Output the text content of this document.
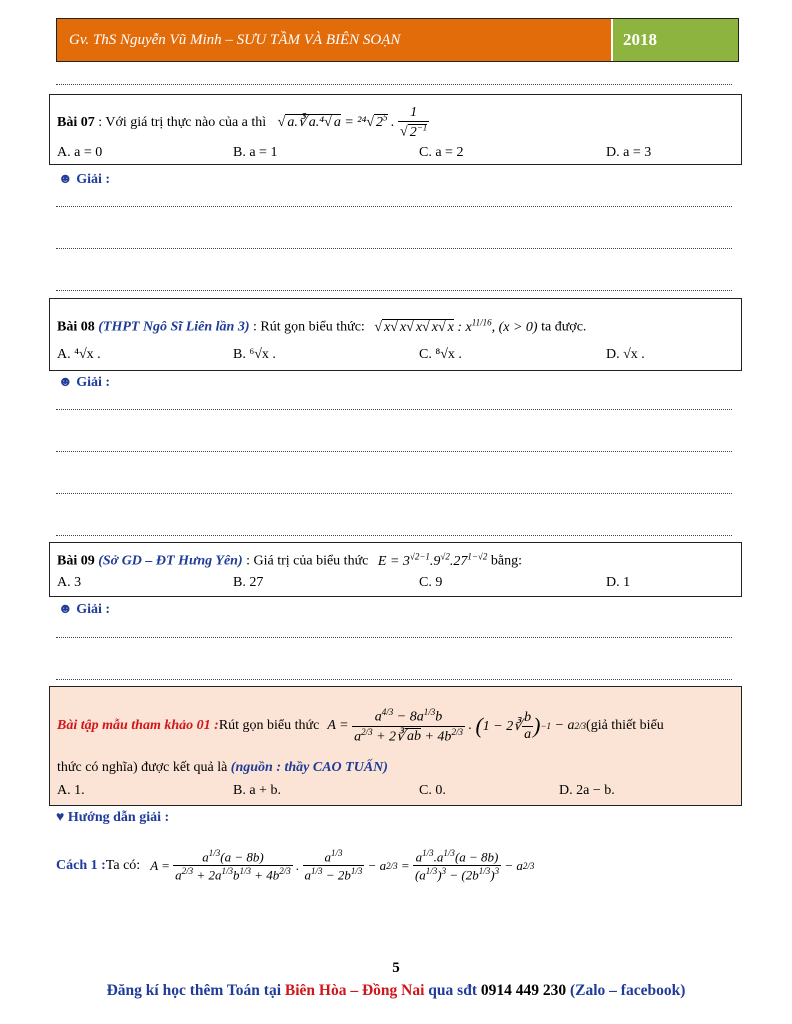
Gv. ThS Nguyễn Vũ Minh – SƯU TẦM VÀ BIÊN SOẠN	2018
Bài 07 : Với giá trị thực nào của a thì √ a.∛ a.⁴√ a = ²⁴√ $2^5$ . $\frac{1}{√ 2^{-1}}$
A. a = 0	B. a = 1	C. a = 2	D. a = 3
☻ Giải :
Bài 08 (THPT Ngô Sĩ Liên lần 3) : Rút gọn biểu thức: √ x√ x√ x√ x√ x : $x^{11/16}$, (x > 0) ta được.
A. ⁴√x .	B. ⁶√x .	C. ⁸√x .	D. √x .
☻ Giải :
Bài 09 (Sở GD – ĐT Hưng Yên) : Giá trị của biểu thức $E = 3^{√2-1}.9^{√2}.27^{1-√2}$ bằng:
A. 3	B. 27	C. 9	D. 1
☻ Giải :
Bài tập mẫu tham khảo 01 : Rút gọn biểu thức $A = \frac{a^{4/3} - 8a^{1/3}b}{a^{2/3} + 2∛ ab + 4b^{2/3}}$ . ( 1 − 2∛ $\frac{b}{a}$ ) −1 − a 2/3 (giả thiết biểu
thức có nghĩa) được kết quả là (nguồn : thầy CAO TUẤN)
A. 1.	B. a + b.	C. 0.	D. 2a − b.
♥ Hướng dẫn giải :
Cách 1 : Ta có: $A = \frac{a^{1/3}(a - 8b)}{a^{2/3} + 2a^{1/3}b^{1/3} + 4b^{2/3}}$ . $\frac{a^{1/3}}{a^{1/3} - 2b^{1/3}} - a$ $2/3 = \frac{a^{1/3}.a^{1/3}(a - 8b)}{(a^{1/3})^3 - (2b^{1/3})^3} - a$ 2/3
5
Đăng kí học thêm Toán tại Biên Hòa – Đồng Nai qua sđt 0914 449 230 (Zalo – facebook)
